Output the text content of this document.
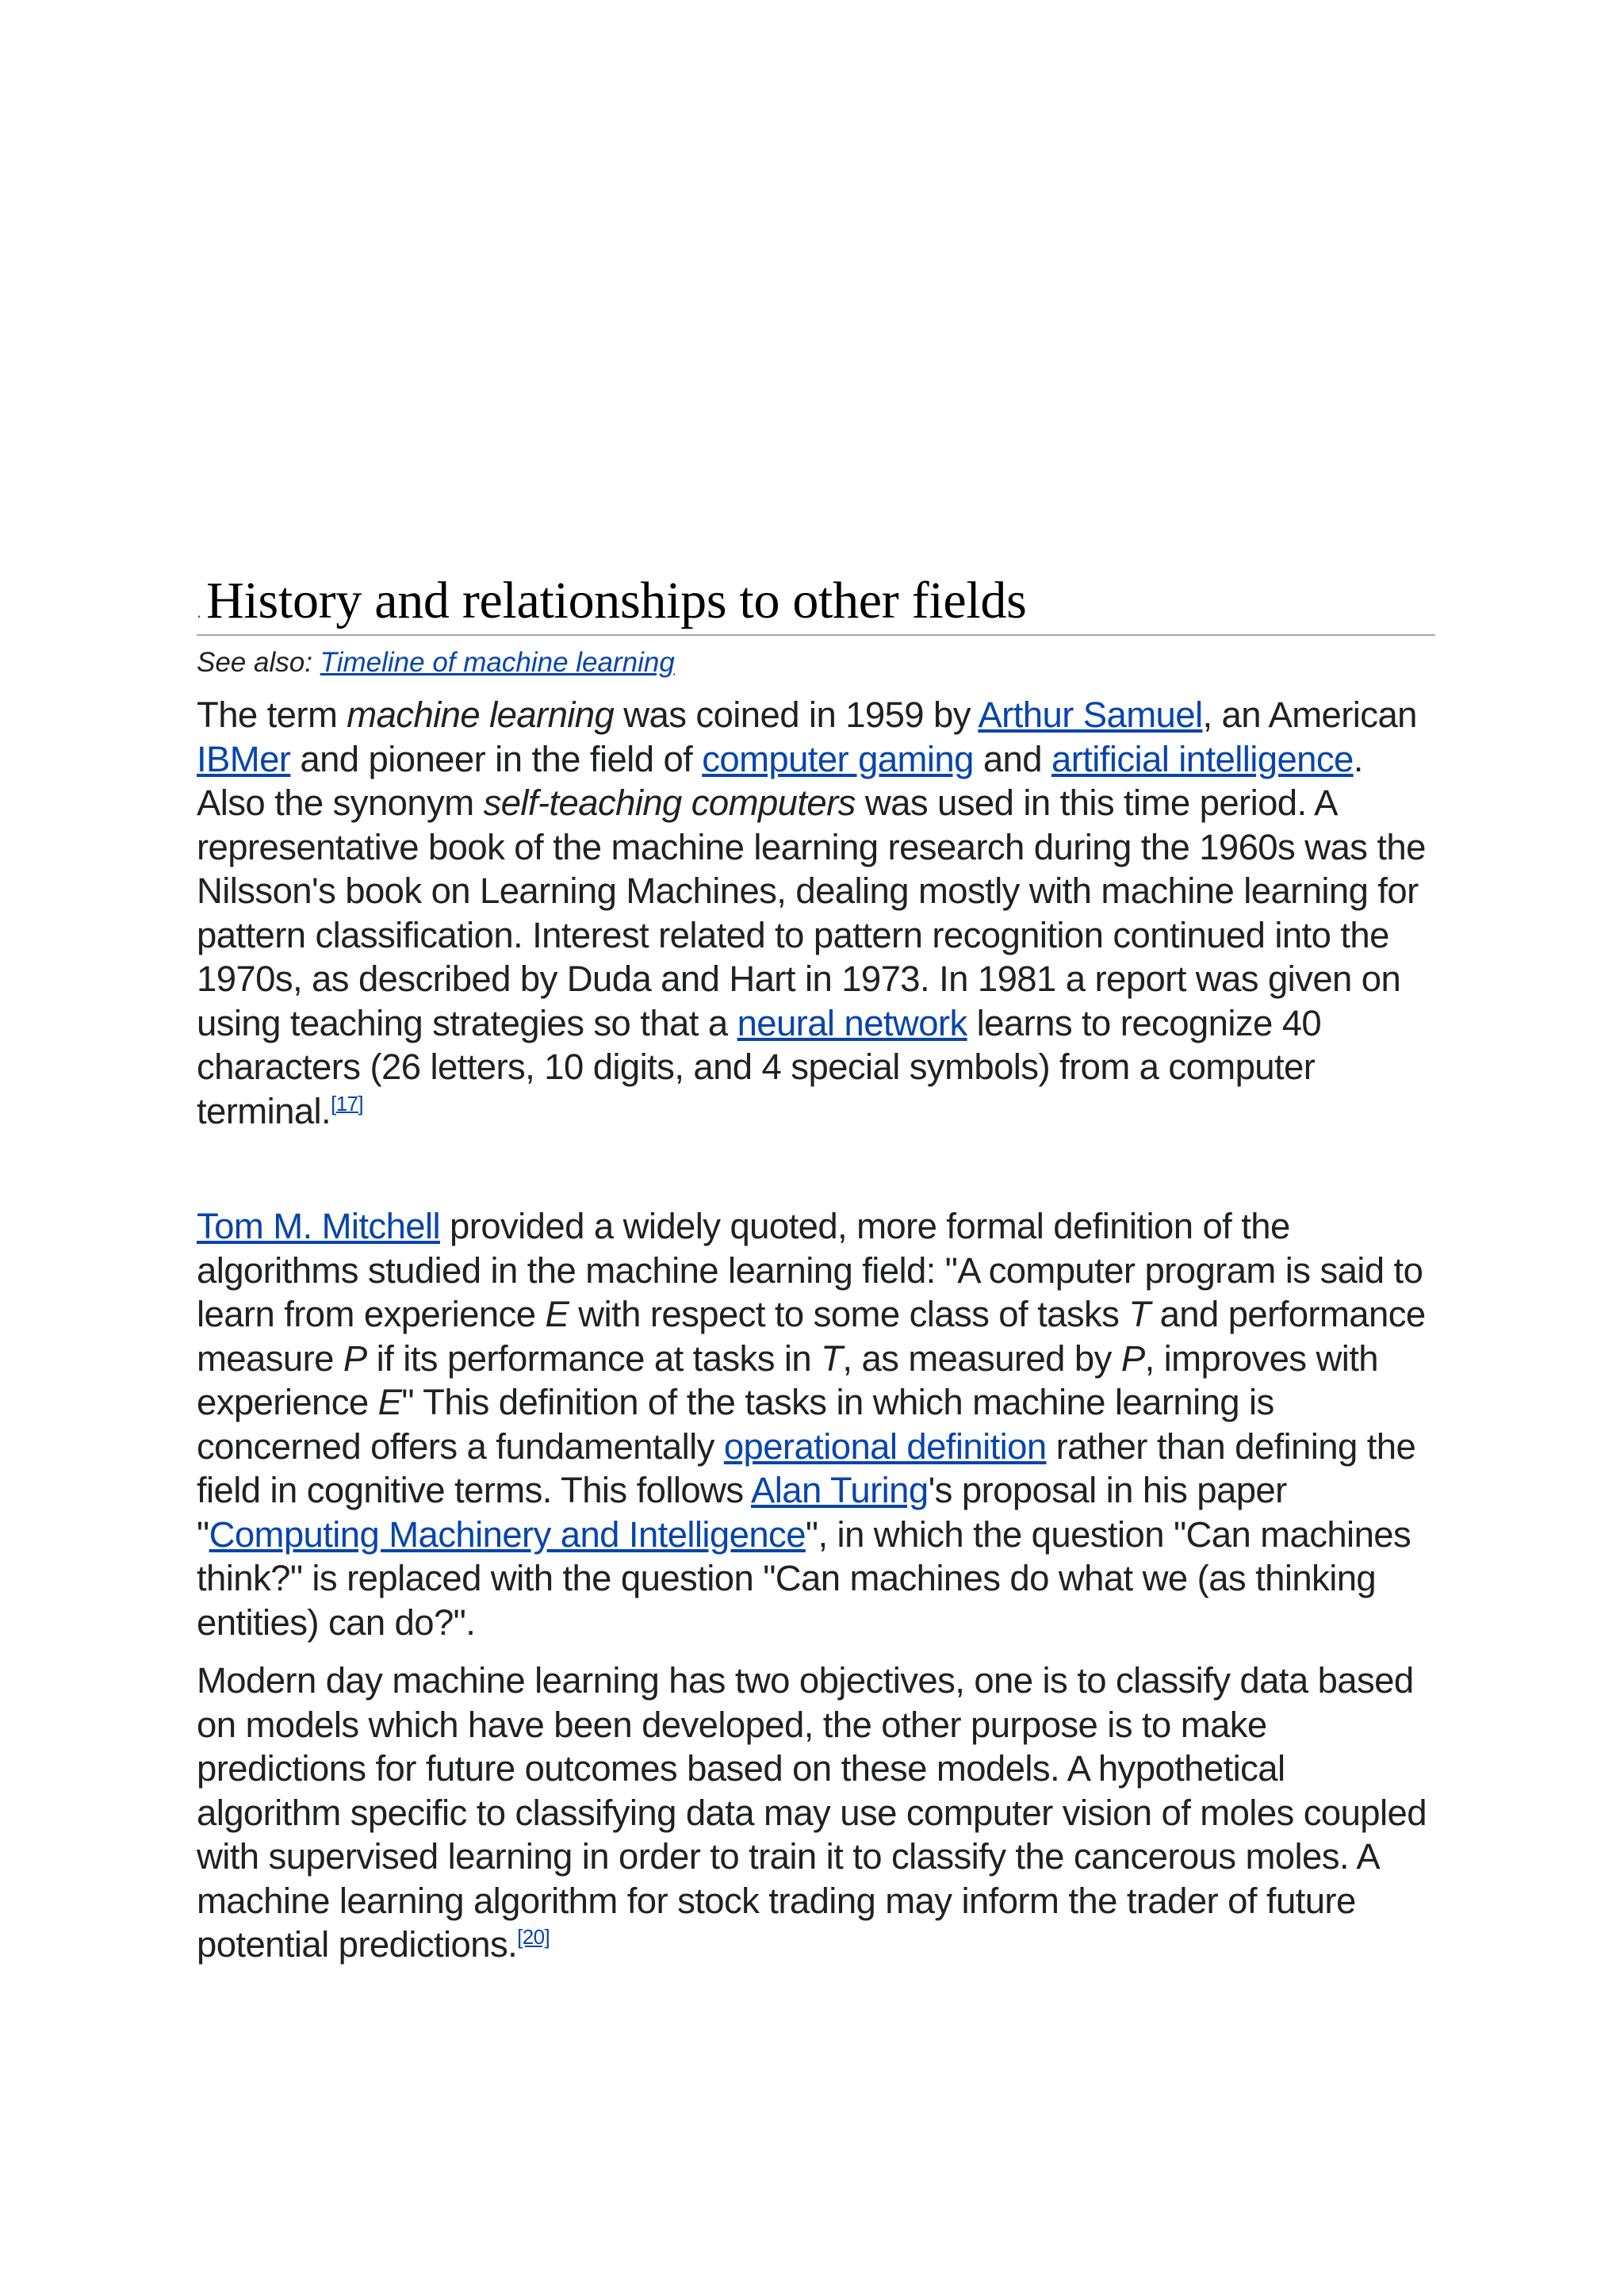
.History and relationships to other fields
See also: Timeline of machine learning

The term machine learning was coined in 1959 by Arthur Samuel, an American IBMer and pioneer in the field of computer gaming and artificial intelligence. Also the synonym self-teaching computers was used in this time period. A representative book of the machine learning research during the 1960s was the Nilsson's book on Learning Machines, dealing mostly with machine learning for pattern classification. Interest related to pattern recognition continued into the 1970s, as described by Duda and Hart in 1973. In 1981 a report was given on using teaching strategies so that a neural network learns to recognize 40 characters (26 letters, 10 digits, and 4 special symbols) from a computer terminal.[17]

Tom M. Mitchell provided a widely quoted, more formal definition of the algorithms studied in the machine learning field: "A computer program is said to learn from experience E with respect to some class of tasks T and performance measure P if its performance at tasks in T, as measured by P, improves with experience E" This definition of the tasks in which machine learning is concerned offers a fundamentally operational definition rather than defining the field in cognitive terms. This follows Alan Turing's proposal in his paper "Computing Machinery and Intelligence", in which the question "Can machines think?" is replaced with the question "Can machines do what we (as thinking entities) can do?".

Modern day machine learning has two objectives, one is to classify data based on models which have been developed, the other purpose is to make predictions for future outcomes based on these models. A hypothetical algorithm specific to classifying data may use computer vision of moles coupled with supervised learning in order to train it to classify the cancerous moles. A machine learning algorithm for stock trading may inform the trader of future potential predictions.[20]
